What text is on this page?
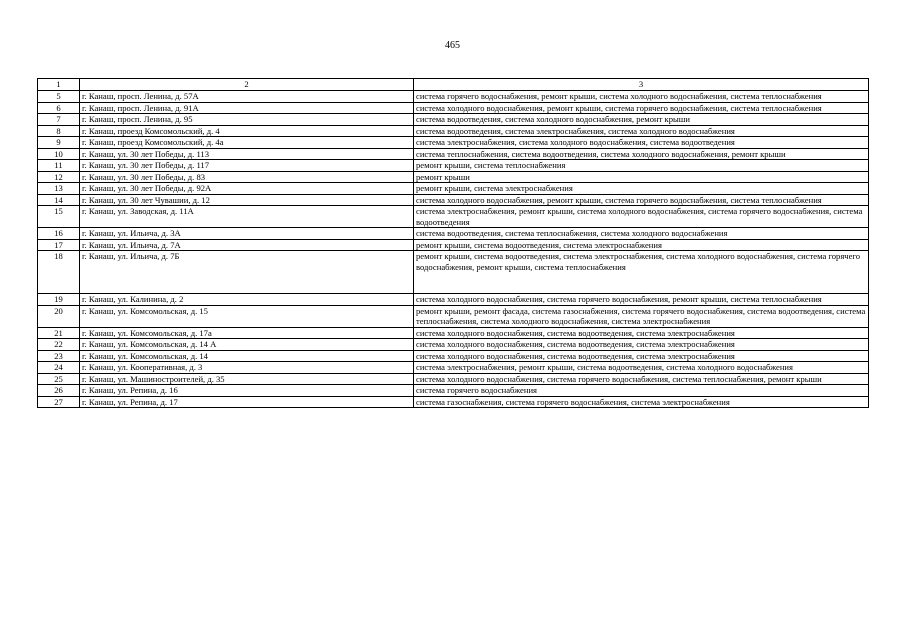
465
1	2	3
5	г. Канаш, просп. Ленина, д. 57А	система горячего водоснабжения, ремонт крыши, система холодного водоснабжения, система теплоснабжения
6	г. Канаш, просп. Ленина, д. 91А	система холодного водоснабжения, ремонт крыши, система горячего водоснабжения, система теплоснабжения
7	г. Канаш, просп. Ленина, д. 95	система водоотведения, система холодного водоснабжения, ремонт крыши
8	г. Канаш, проезд Комсомольский, д. 4	система водоотведения, система электроснабжения, система холодного водоснабжения
9	г. Канаш, проезд Комсомольский, д. 4а	система электроснабжения, система холодного водоснабжения, система водоотведения
10	г. Канаш, ул. 30 лет Победы, д. 113	система теплоснабжения, система водоотведения, система холодного водоснабжения, ремонт крыши
11	г. Канаш, ул. 30 лет Победы, д. 117	ремонт крыши, система теплоснабжения
12	г. Канаш, ул. 30 лет Победы, д. 83	ремонт крыши
13	г. Канаш, ул. 30 лет Победы, д. 92А	ремонт крыши, система электроснабжения
14	г. Канаш, ул. 30 лет Чувашии, д. 12	система холодного водоснабжения, ремонт крыши, система горячего водоснабжения, система теплоснабжения
15	г. Канаш, ул. Заводская, д. 11А	система электроснабжения, ремонт крыши, система холодного водоснабжения, система горячего водоснабжения, система водоотведения
16	г. Канаш, ул. Ильича, д. 3А	система водоотведения, система теплоснабжения, система холодного водоснабжения
17	г. Канаш, ул. Ильича, д. 7А	ремонт крыши, система водоотведения, система электроснабжения
18	г. Канаш, ул. Ильича, д. 7Б	ремонт крыши, система водоотведения, система электроснабжения, система холодного водоснабжения, система горячего водоснабжения, ремонт крыши, система теплоснабжения
19	г. Канаш, ул. Калинина, д. 2	система холодного водоснабжения, система горячего водоснабжения, ремонт крыши, система теплоснабжения
20	г. Канаш, ул. Комсомольская, д. 15	ремонт крыши, ремонт фасада, система газоснабжения, система горячего водоснабжения, система водоотведения, система теплоснабжения, система холодного водоснабжения, система электроснабжения
21	г. Канаш, ул. Комсомольская, д. 17а	система холодного водоснабжения, система водоотведения, система электроснабжения
22	г. Канаш, ул. Комсомольская, д. 14 А	система холодного водоснабжения, система водоотведения, система электроснабжения
23	г. Канаш, ул. Комсомольская, д. 14	система холодного водоснабжения, система водоотведения, система электроснабжения
24	г. Канаш, ул. Кооперативная, д. 3	система электроснабжения, ремонт крыши, система водоотведения, система холодного водоснабжения
25	г. Канаш, ул. Машиностроителей, д. 35	система холодного водоснабжения, система горячего водоснабжения, система теплоснабжения, ремонт крыши
26	г. Канаш, ул. Репина, д. 16	система горячего водоснабжения
27	г. Канаш, ул. Репина, д. 17	система газоснабжения, система горячего водоснабжения, система электроснабжения
